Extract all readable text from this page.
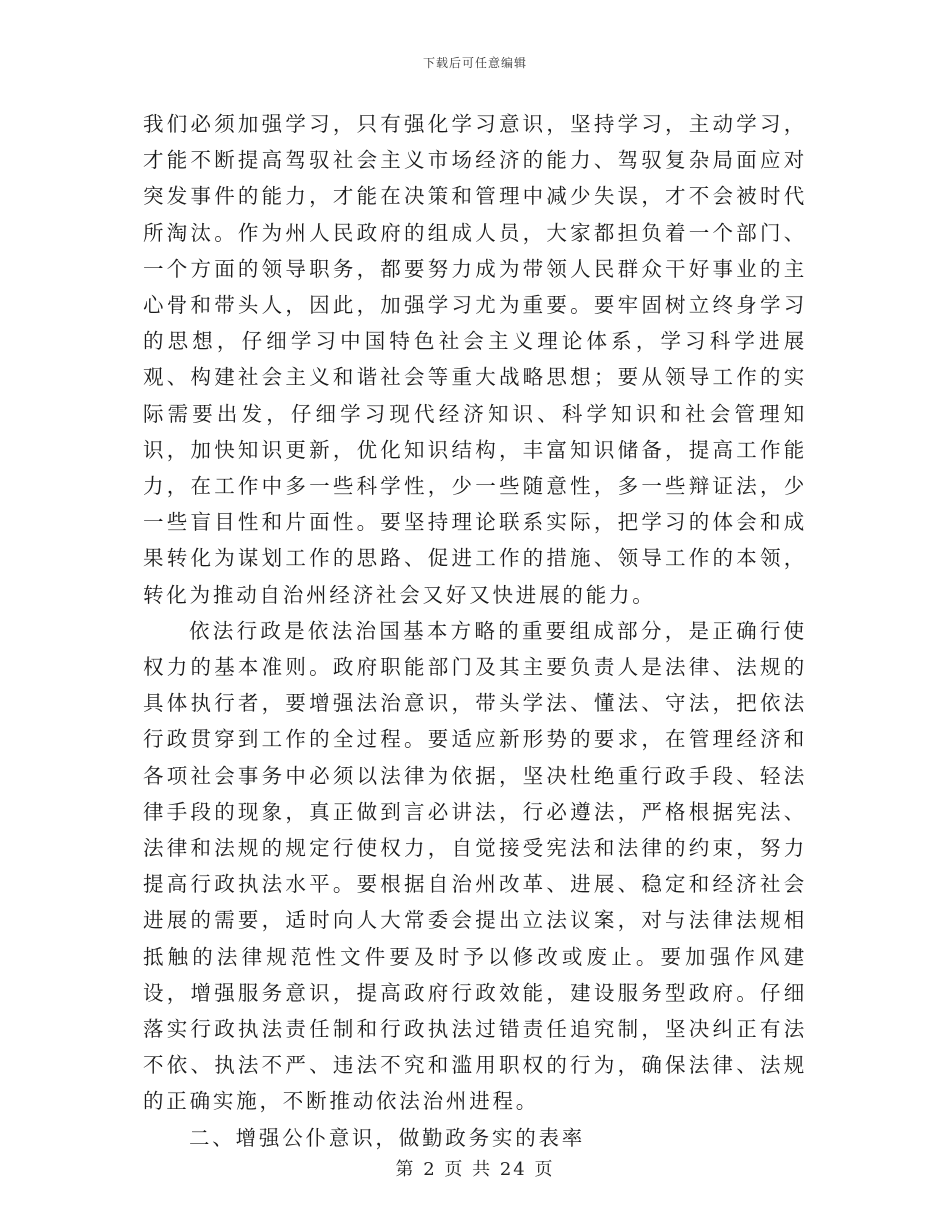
下载后可任意编辑

我们必须加强学习，只有强化学习意识，坚持学习，主动学习，才能不断提高驾驭社会主义市场经济的能力、驾驭复杂局面应对突发事件的能力，才能在决策和管理中减少失误，才不会被时代所淘汰。作为州人民政府的组成人员，大家都担负着一个部门、一个方面的领导职务，都要努力成为带领人民群众干好事业的主心骨和带头人，因此，加强学习尤为重要。要牢固树立终身学习的思想，仔细学习中国特色社会主义理论体系，学习科学进展观、构建社会主义和谐社会等重大战略思想；要从领导工作的实际需要出发，仔细学习现代经济知识、科学知识和社会管理知识，加快知识更新，优化知识结构，丰富知识储备，提高工作能力，在工作中多一些科学性，少一些随意性，多一些辩证法，少一些盲目性和片面性。要坚持理论联系实际，把学习的体会和成果转化为谋划工作的思路、促进工作的措施、领导工作的本领，转化为推动自治州经济社会又好又快进展的能力。

依法行政是依法治国基本方略的重要组成部分，是正确行使权力的基本准则。政府职能部门及其主要负责人是法律、法规的具体执行者，要增强法治意识，带头学法、懂法、守法，把依法行政贯穿到工作的全过程。要适应新形势的要求，在管理经济和各项社会事务中必须以法律为依据，坚决杜绝重行政手段、轻法律手段的现象，真正做到言必讲法，行必遵法，严格根据宪法、法律和法规的规定行使权力，自觉接受宪法和法律的约束，努力提高行政执法水平。要根据自治州改革、进展、稳定和经济社会进展的需要，适时向人大常委会提出立法议案，对与法律法规相抵触的法律规范性文件要及时予以修改或废止。要加强作风建设，增强服务意识，提高政府行政效能，建设服务型政府。仔细落实行政执法责任制和行政执法过错责任追究制，坚决纠正有法不依、执法不严、违法不究和滥用职权的行为，确保法律、法规的正确实施，不断推动依法治州进程。

二、增强公仆意识，做勤政务实的表率

第 2 页 共 24 页
